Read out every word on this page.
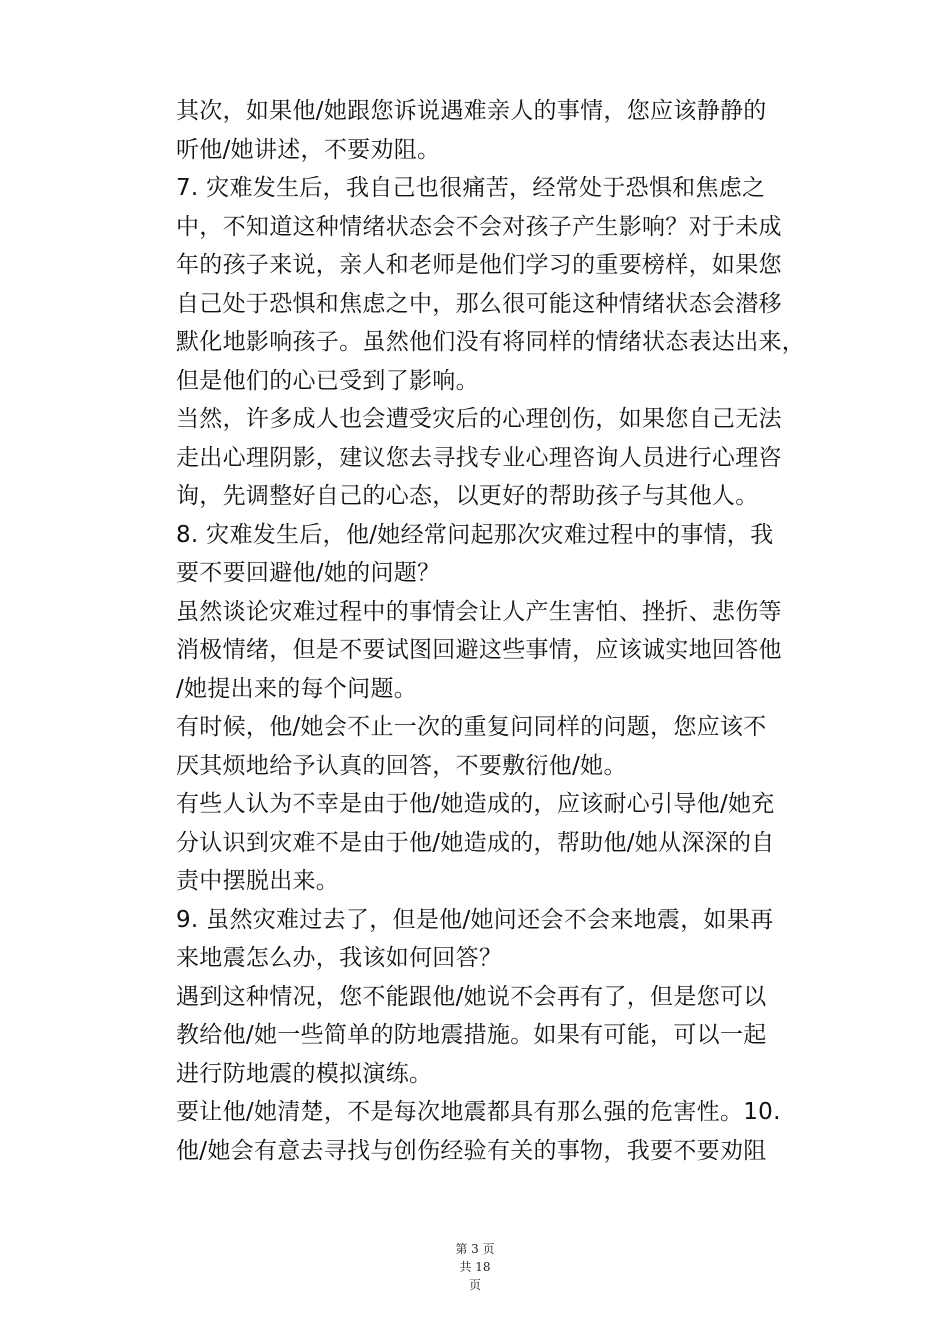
其次，如果他/她跟您诉说遇难亲人的事情，您应该静静的
听他/她讲述，不要劝阻。
7. 灾难发生后，我自己也很痛苦，经常处于恐惧和焦虑之
中，不知道这种情绪状态会不会对孩子产生影响？对于未成
年的孩子来说，亲人和老师是他们学习的重要榜样，如果您
自己处于恐惧和焦虑之中，那么很可能这种情绪状态会潜移
默化地影响孩子。虽然他们没有将同样的情绪状态表达出来，
但是他们的心已受到了影响。
当然，许多成人也会遭受灾后的心理创伤，如果您自己无法
走出心理阴影，建议您去寻找专业心理咨询人员进行心理咨
询，先调整好自己的心态，以更好的帮助孩子与其他人。
8. 灾难发生后，他/她经常问起那次灾难过程中的事情，我
要不要回避他/她的问题？
虽然谈论灾难过程中的事情会让人产生害怕、挫折、悲伤等
消极情绪，但是不要试图回避这些事情，应该诚实地回答他
/她提出来的每个问题。
有时候，他/她会不止一次的重复问同样的问题，您应该不
厌其烦地给予认真的回答，不要敷衍他/她。
有些人认为不幸是由于他/她造成的，应该耐心引导他/她充
分认识到灾难不是由于他/她造成的，帮助他/她从深深的自
责中摆脱出来。
9. 虽然灾难过去了，但是他/她问还会不会来地震，如果再
来地震怎么办，我该如何回答？
遇到这种情况，您不能跟他/她说不会再有了，但是您可以
教给他/她一些简单的防地震措施。如果有可能，可以一起
进行防地震的模拟演练。
要让他/她清楚，不是每次地震都具有那么强的危害性。10.
他/她会有意去寻找与创伤经验有关的事物，我要不要劝阻
第 3 页
共 18
页
